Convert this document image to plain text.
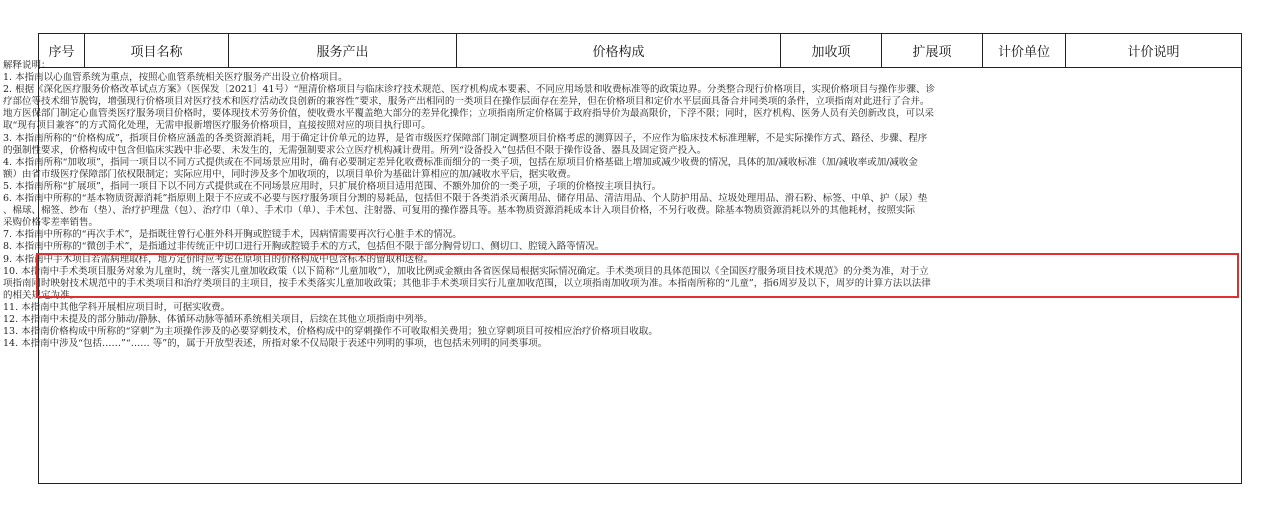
序号	项目名称	服务产出	价格构成	加收项	扩展项	计价单位	计价说明
解释说明：
1. 本指南以心血管系统为重点，按照心血管系统相关医疗服务产出设立价格项目。
2. 根据《深化医疗服务价格改革试点方案》（医保发〔2021〕41号）“厘清价格项目与临床诊疗技术规范、医疗机构成本要素、不同应用场景和收费标准等的政策边界。分类整合现行价格项目，实现价格项目与操作步骤、诊
疗部位等技术细节脱钩，增强现行价格项目对医疗技术和医疗活动改良创新的兼容性”要求，服务产出相同的一类项目在操作层面存在差异，但在价格项目和定价水平层面具备合并同类项的条件，立项指南对此进行了合并。
地方医保部门制定心血管类医疗服务项目价格时，要体现技术劳务价值，使收费水平覆盖绝大部分的差异化操作；立项指南所定价格属于政府指导价为最高限价，下浮不限；同时，医疗机构、医务人员有关创新改良，可以采
取“现有项目兼容”的方式简化处理，无需申报新增医疗服务价格项目，直接按照对应的项目执行即可。
3. 本指南所称的“价格构成”，指项目价格应涵盖的各类资源消耗，用于确定计价单元的边界，是省市级医疗保障部门制定调整项目价格考虑的测算因子，不应作为临床技术标准理解，不是实际操作方式、路径、步骤、程序
的强制性要求，价格构成中包含但临床实践中非必要、未发生的，无需强制要求公立医疗机构减计费用。所列“设备投入”包括但不限于操作设备、器具及固定资产投入。
4. 本指南所称“加收项”，指同一项目以不同方式提供或在不同场景应用时，确有必要制定差异化收费标准而细分的一类子项，包括在原项目价格基础上增加或减少收费的情况，具体的加/减收标准（加/减收率或加/减收金
额）由省市级医疗保障部门依权限制定；实际应用中，同时涉及多个加收项的，以项目单价为基础计算相应的加/减收水平后，据实收费。
5. 本指南所称“扩展项”，指同一项目下以不同方式提供或在不同场景应用时，只扩展价格项目适用范围、不额外加价的一类子项，子项的价格按主项目执行。
6. 本指南中所称的“基本物质资源消耗”指原则上限于不应或不必要与医疗服务项目分割的易耗品，包括但不限于各类消杀灭菌用品、储存用品、清洁用品、个人防护用品、垃圾处理用品、滑石粉、标签、中单、护（尿）垫
、棉球、棉签、纱布（垫）、治疗护理盘（包）、治疗巾（单）、手术巾（单）、手术包、注射器、可复用的操作器具等。基本物质资源消耗成本计入项目价格，不另行收费。除基本物质资源消耗以外的其他耗材，按照实际
采购价格零差率销售。
7. 本指南中所称的“再次手术”，是指既往曾行心脏外科开胸或腔镜手术，因病情需要再次行心脏手术的情况。
8. 本指南中所称的“微创手术”，是指通过非传统正中切口进行开胸或腔镜手术的方式，包括但不限于部分胸骨切口、侧切口、腔镜入路等情况。
9. 本指南中手术项目若需病理取样，地方定价时应考虑在原项目的价格构成中包含标本的留取和送检。
10. 本指南中手术类项目服务对象为儿童时，统一落实儿童加收政策（以下简称“儿童加收”），加收比例或金额由各省医保局根据实际情况确定。手术类项目的具体范围以《全国医疗服务项目技术规范》的分类为准，对于立
项指南同时映射技术规范中的手术类项目和治疗类项目的主项目，按手术类落实儿童加收政策；其他非手术类项目实行儿童加收范围，以立项指南加收项为准。本指南所称的“儿童”，指6周岁及以下，周岁的计算方法以法律
的相关规定为准。
11. 本指南中其他学科开展相应项目时，可据实收费。
12. 本指南中未提及的部分肺动/静脉、体循环动脉等循环系统相关项目，后续在其他立项指南中列举。
13. 本指南价格构成中所称的“穿刺”为主项操作涉及的必要穿刺技术，价格构成中的穿刺操作不可收取相关费用；独立穿刺项目可按相应治疗价格项目收取。
14. 本指南中涉及“包括……”“…… 等”的，属于开放型表述，所指对象不仅局限于表述中列明的事项，也包括未列明的同类事项。
